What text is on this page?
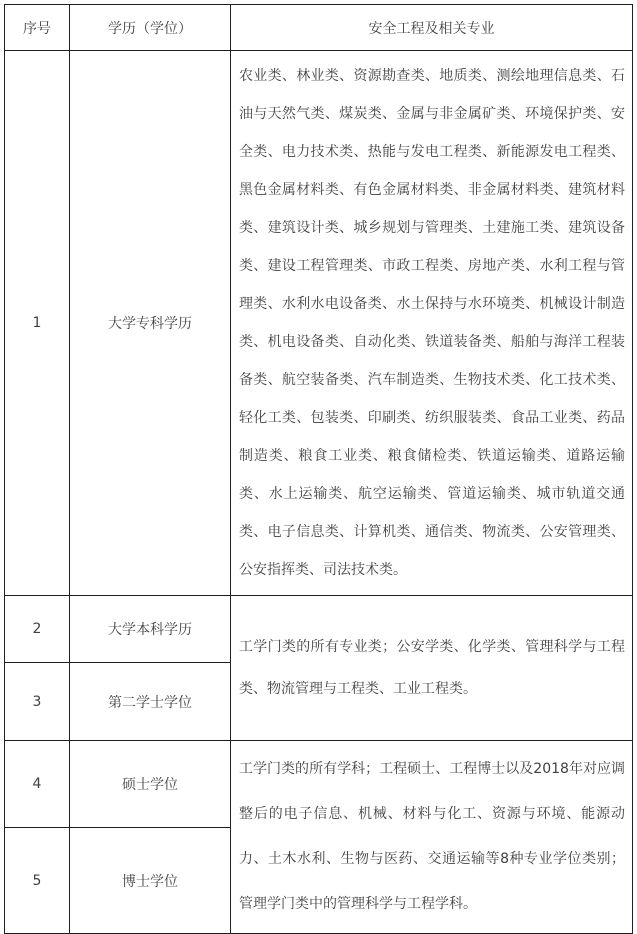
序号	学历（学位）	安全工程及相关专业
1	大学专科学历	农业类、林业类、资源勘查类、地质类、测绘地理信息类、石油与天然气类、煤炭类、金属与非金属矿类、环境保护类、安全类、电力技术类、热能与发电工程类、新能源发电工程类、黑色金属材料类、有色金属材料类、非金属材料类、建筑材料类、建筑设计类、城乡规划与管理类、土建施工类、建筑设备类、建设工程管理类、市政工程类、房地产类、水利工程与管理类、水利水电设备类、水土保持与水环境类、机械设计制造类、机电设备类、自动化类、铁道装备类、船舶与海洋工程装备类、航空装备类、汽车制造类、生物技术类、化工技术类、轻化工类、包装类、印刷类、纺织服装类、食品工业类、药品制造类、粮食工业类、粮食储检类、铁道运输类、道路运输类、水上运输类、航空运输类、管道运输类、城市轨道交通类、电子信息类、计算机类、通信类、物流类、公安管理类、公安指挥类、司法技术类。
2	大学本科学历	工学门类的所有专业类；公安学类、化学类、管理科学与工程类、物流管理与工程类、工业工程类。
3	第二学士学位	
4	硕士学位	工学门类的所有学科；工程硕士、工程博士以及2018年对应调整后的电子信息、机械、材料与化工、资源与环境、能源动力、土木水利、生物与医药、交通运输等8种专业学位类别；管理学门类中的管理科学与工程学科。
5	博士学位	
